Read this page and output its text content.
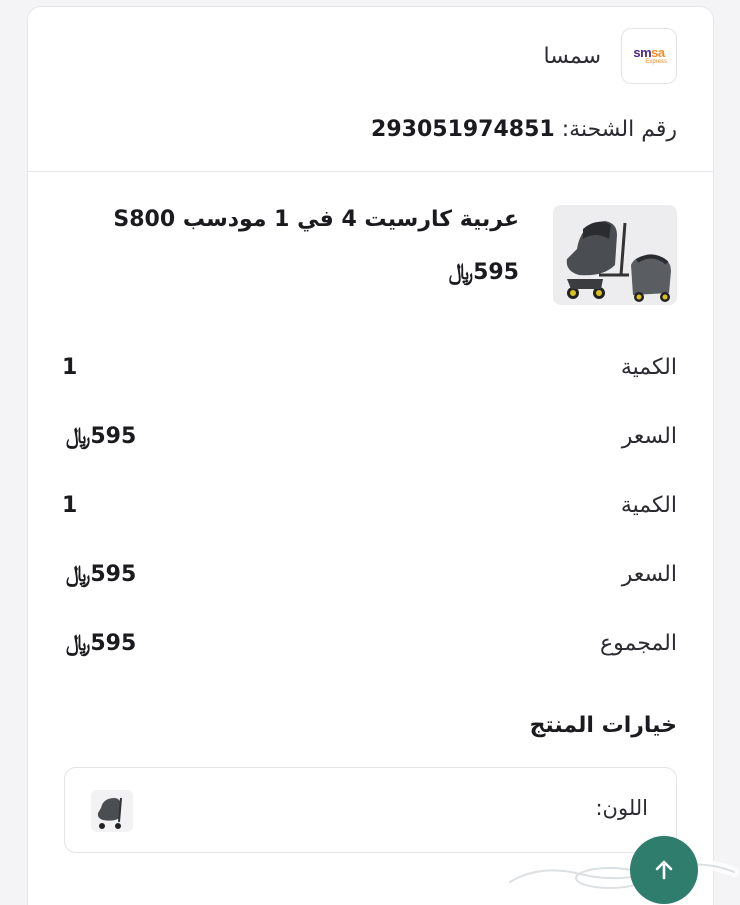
smsa
Express
سمسا
رقم الشحنة: 293051974851
عربية كارسيت 4 في 1 مودسب S800
595﷼
الكمية
1
السعر
595﷼
الكمية
1
السعر
595﷼
المجموع
595﷼
خيارات المنتج
اللون:
